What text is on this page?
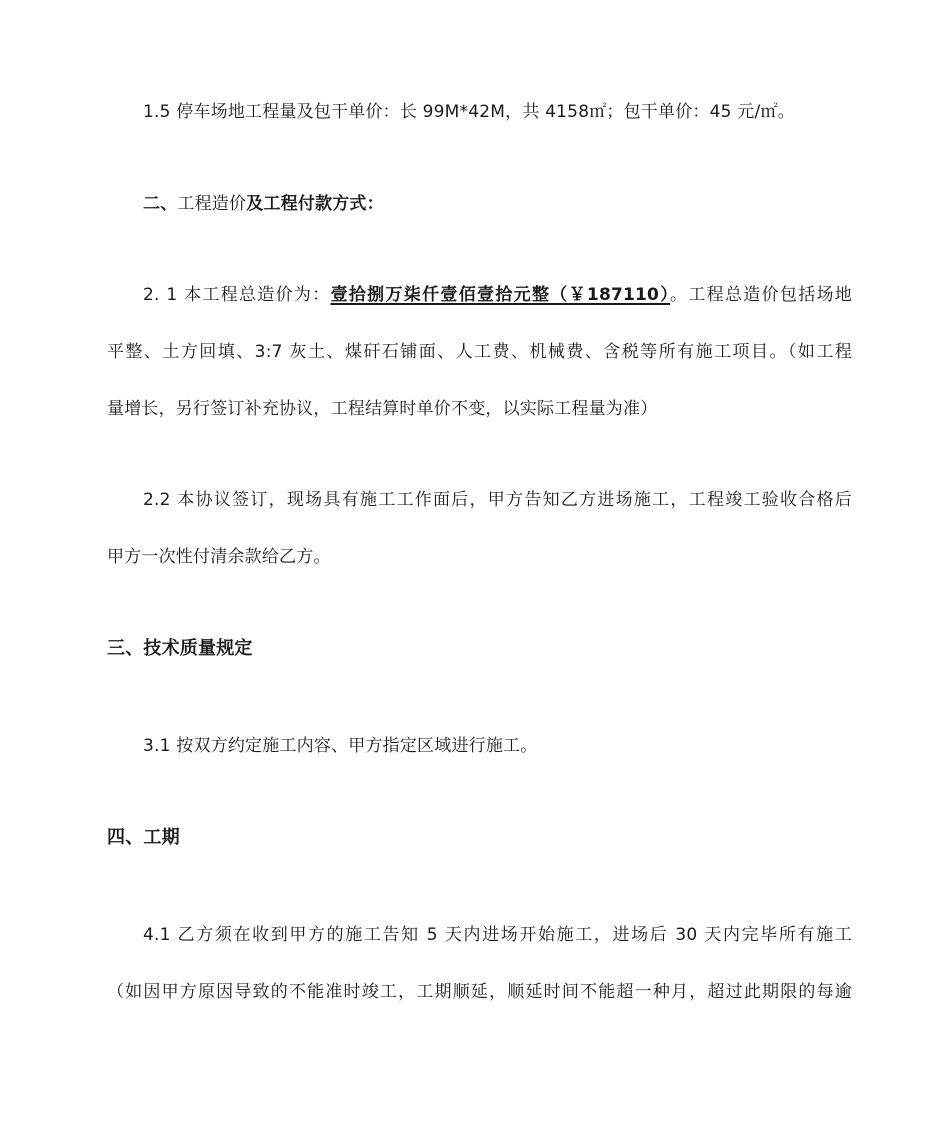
1.5 停车场地工程量及包干单价：长 99M*42M，共 4158㎡；包干单价：45 元/㎡。
二、工程造价及工程付款方式：
2. 1 本工程总造价为：壹拾捌万柒仟壹佰壹拾元整（￥187110）。工程总造价包括场地
平整、土方回填、3:7 灰土、煤矸石铺面、人工费、机械费、含税等所有施工项目。（如工程
量增长，另行签订补充协议，工程结算时单价不变，以实际工程量为准）
2.2 本协议签订，现场具有施工工作面后，甲方告知乙方进场施工，工程竣工验收合格后
甲方一次性付清余款给乙方。
三、技术质量规定
3.1 按双方约定施工内容、甲方指定区域进行施工。
四、工期
4.1 乙方须在收到甲方的施工告知 5 天内进场开始施工，进场后 30 天内完毕所有施工
（如因甲方原因导致的不能准时竣工，工期顺延，顺延时间不能超一种月，超过此期限的每逾
